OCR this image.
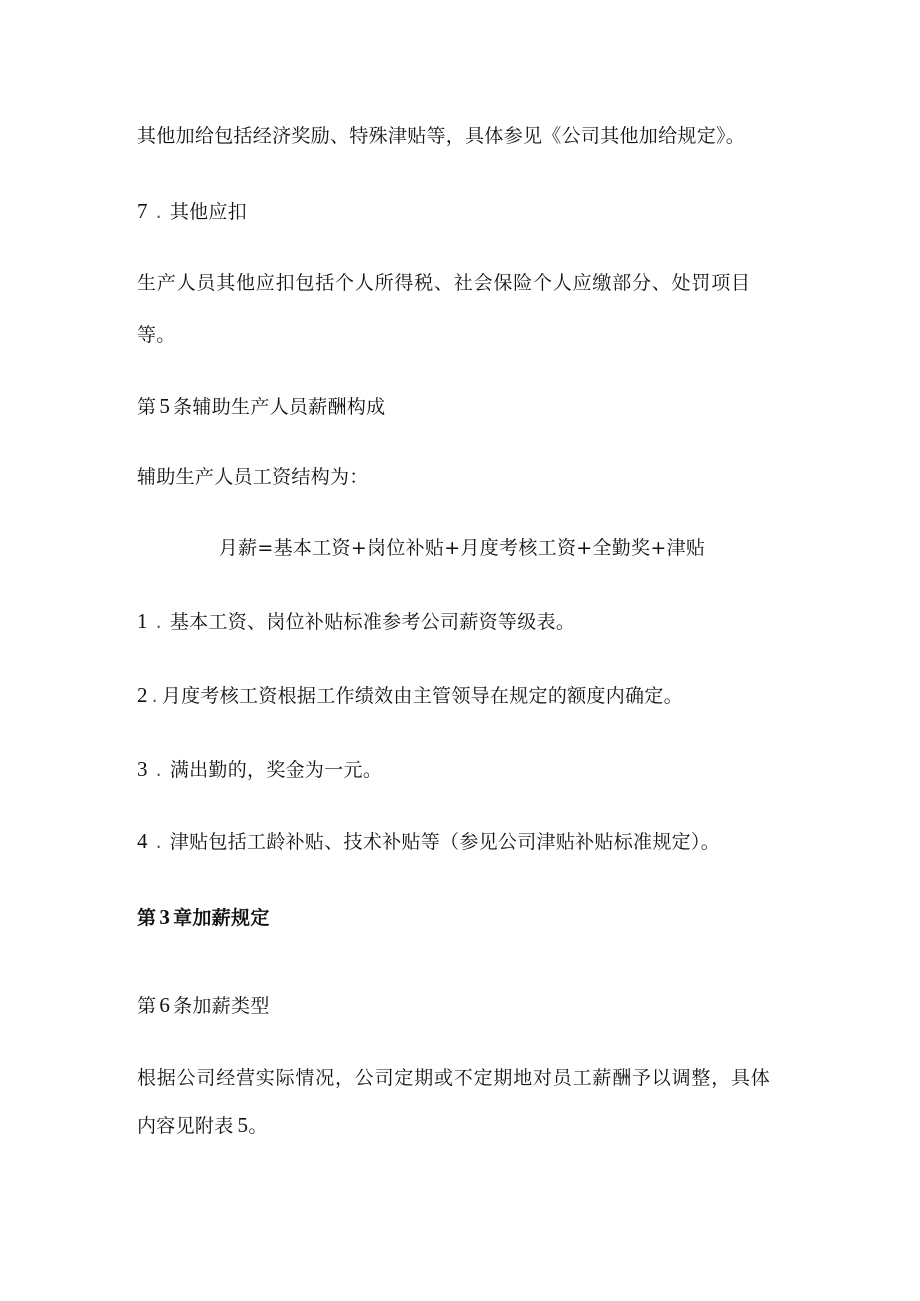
其他加给包括经济奖励、特殊津贴等，具体参见《公司其他加给规定》。
7 . 其他应扣
生产人员其他应扣包括个人所得税、社会保险个人应缴部分、处罚项目
等。
第 5 条辅助生产人员薪酬构成
辅助生产人员工资结构为：
月薪=基本工资+岗位补贴+月度考核工资+全勤奖+津贴
1 . 基本工资、岗位补贴标准参考公司薪资等级表。
2 . 月度考核工资根据工作绩效由主管领导在规定的额度内确定。
3 . 满出勤的，奖金为一元。
4 . 津贴包括工龄补贴、技术补贴等（参见公司津贴补贴标准规定）。
第 3 章加薪规定
第 6 条加薪类型
根据公司经营实际情况，公司定期或不定期地对员工薪酬予以调整，具体
内容见附表 5。
